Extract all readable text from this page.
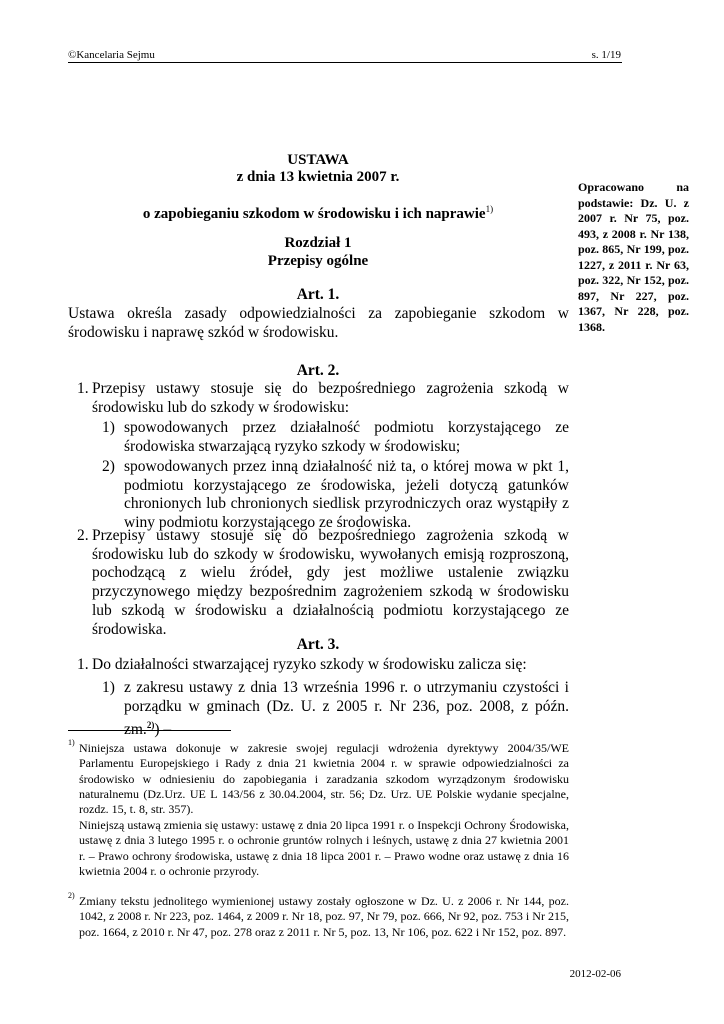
©Kancelaria Sejmu	s. 1/19
USTAWA
z dnia 13 kwietnia 2007 r.
o zapobieganiu szkodom w środowisku i ich naprawie$^{1)}$
Opracowano na podstawie: Dz. U. z 2007 r. Nr 75, poz. 493, z 2008 r. Nr 138, poz. 865, Nr 199, poz. 1227, z 2011 r. Nr 63, poz. 322, Nr 152, poz. 897, Nr 227, poz. 1367, Nr 228, poz. 1368.
Rozdział 1
Przepisy ogólne
Art. 1.
Ustawa określa zasady odpowiedzialności za zapobieganie szkodom w środowisku i naprawę szkód w środowisku.
Art. 2.
1. Przepisy ustawy stosuje się do bezpośredniego zagrożenia szkodą w środowisku lub do szkody w środowisku:
1) spowodowanych przez działalność podmiotu korzystającego ze środowiska stwarzającą ryzyko szkody w środowisku;
2) spowodowanych przez inną działalność niż ta, o której mowa w pkt 1, podmiotu korzystającego ze środowiska, jeżeli dotyczą gatunków chronionych lub chronionych siedlisk przyrodniczych oraz wystąpiły z winy podmiotu korzystającego ze środowiska.
2. Przepisy ustawy stosuje się do bezpośredniego zagrożenia szkodą w środowisku lub do szkody w środowisku, wywołanych emisją rozproszoną, pochodzącą z wielu źródeł, gdy jest możliwe ustalenie związku przyczynowego między bezpośrednim zagrożeniem szkodą w środowisku lub szkodą w środowisku a działalnością podmiotu korzystającego ze środowiska.
Art. 3.
1. Do działalności stwarzającej ryzyko szkody w środowisku zalicza się:
1) z zakresu ustawy z dnia 13 września 1996 r. o utrzymaniu czystości i porządku w gminach (Dz. U. z 2005 r. Nr 236, poz. 2008, z późn. zm.$^{2)}$) –
1) Niniejsza ustawa dokonuje w zakresie swojej regulacji wdrożenia dyrektywy 2004/35/WE Parlamentu Europejskiego i Rady z dnia 21 kwietnia 2004 r. w sprawie odpowiedzialności za środowisko w odniesieniu do zapobiegania i zaradzania szkodom wyrządzonym środowisku naturalnemu (Dz.Urz. UE L 143/56 z 30.04.2004, str. 56; Dz. Urz. UE Polskie wydanie specjalne, rozdz. 15, t. 8, str. 357).
Niniejszą ustawą zmienia się ustawy: ustawę z dnia 20 lipca 1991 r. o Inspekcji Ochrony Środowiska, ustawę z dnia 3 lutego 1995 r. o ochronie gruntów rolnych i leśnych, ustawę z dnia 27 kwietnia 2001 r. – Prawo ochrony środowiska, ustawę z dnia 18 lipca 2001 r. – Prawo wodne oraz ustawę z dnia 16 kwietnia 2004 r. o ochronie przyrody.
2) Zmiany tekstu jednolitego wymienionej ustawy zostały ogłoszone w Dz. U. z 2006 r. Nr 144, poz. 1042, z 2008 r. Nr 223, poz. 1464, z 2009 r. Nr 18, poz. 97, Nr 79, poz. 666, Nr 92, poz. 753 i Nr 215, poz. 1664, z 2010 r. Nr 47, poz. 278 oraz z 2011 r. Nr 5, poz. 13, Nr 106, poz. 622 i Nr 152, poz. 897.
2012-02-06
